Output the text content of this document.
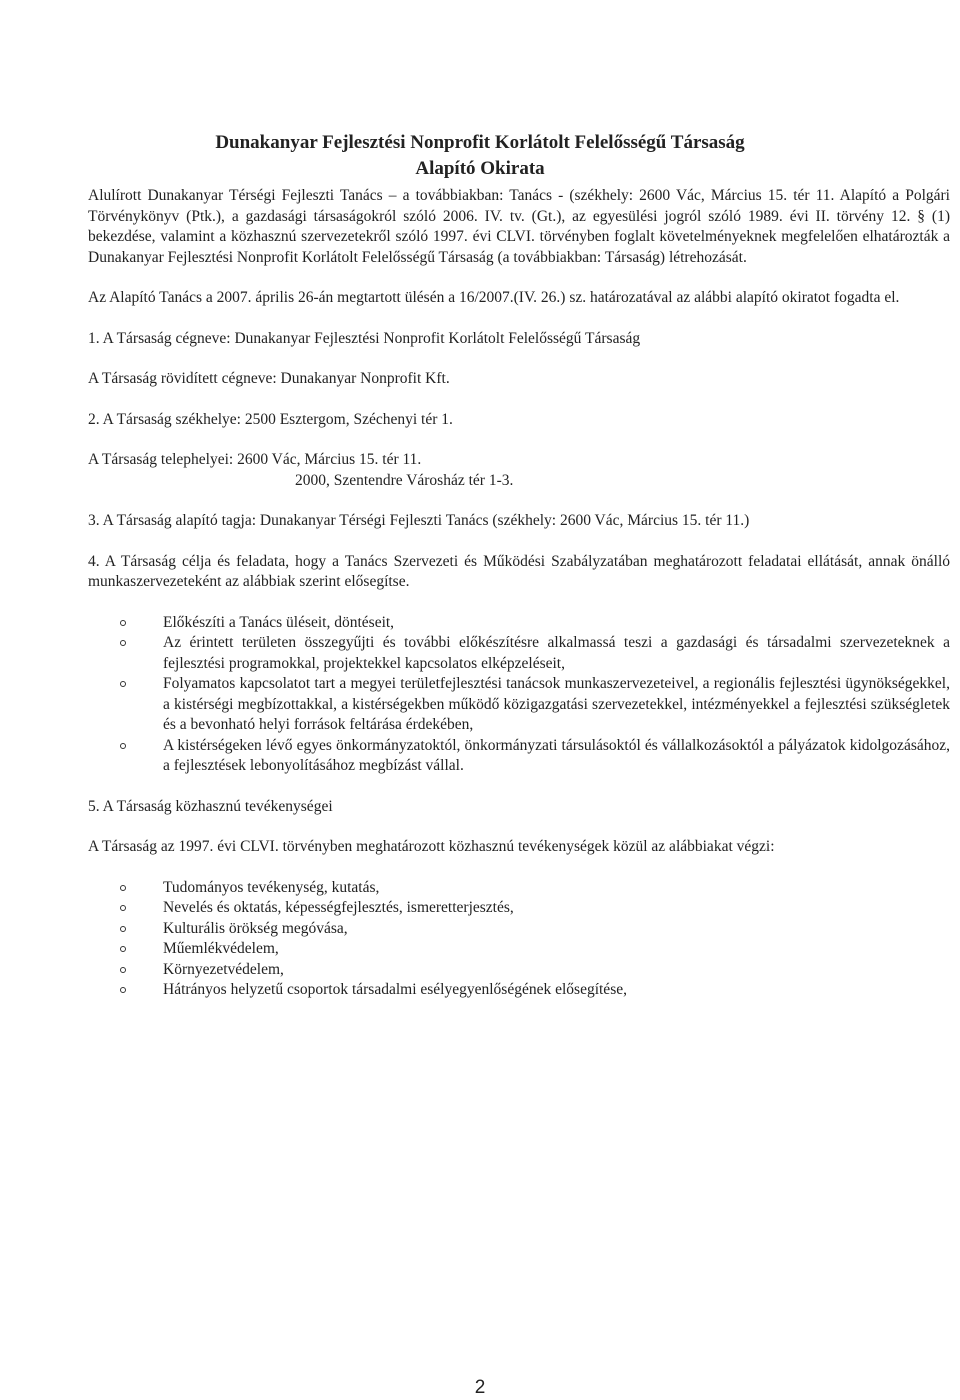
Dunakanyar Fejlesztési Nonprofit Korlátolt Felelősségű Társaság

Alapító Okirata

Alulírott Dunakanyar Térségi Fejleszti Tanács – a továbbiakban: Tanács - (székhely: 2600 Vác, Március 15. tér 11. Alapító a Polgári Törvénykönyv (Ptk.), a gazdasági társaságokról szóló 2006. IV. tv. (Gt.), az egyesülési jogról szóló 1989. évi II. törvény 12. § (1) bekezdése, valamint a közhasznú szervezetekről szóló 1997. évi CLVI. törvényben foglalt követelményeknek megfelelően elhatározták a Dunakanyar Fejlesztési Nonprofit Korlátolt Felelősségű Társaság (a továbbiakban: Társaság) létrehozását.

Az Alapító Tanács a 2007. április 26-án megtartott ülésén a 16/2007.(IV. 26.) sz. határozatával az alábbi alapító okiratot fogadta el.

1. A Társaság cégneve: Dunakanyar Fejlesztési Nonprofit Korlátolt Felelősségű Társaság

A Társaság rövidített cégneve: Dunakanyar Nonprofit Kft.

2. A Társaság székhelye: 2500 Esztergom, Széchenyi tér 1.

A Társaság telephelyei: 2600 Vác, Március 15. tér 11.

2000, Szentendre Városház tér 1-3.

3. A Társaság alapító tagja: Dunakanyar Térségi Fejleszti Tanács (székhely: 2600 Vác, Március 15. tér 11.)

4. A Társaság célja és feladata, hogy a Tanács Szervezeti és Működési Szabályzatában meghatározott feladatai ellátását, annak önálló munkaszervezeteként az alábbiak szerint elősegítse.

Előkészíti a Tanács üléseit, döntéseit,
Az érintett területen összegyűjti és további előkészítésre alkalmassá teszi a gazdasági és társadalmi szervezeteknek a fejlesztési programokkal, projektekkel kapcsolatos elképzeléseit,
Folyamatos kapcsolatot tart a megyei területfejlesztési tanácsok munkaszervezeteivel, a regionális fejlesztési ügynökségekkel, a kistérségi megbízottakkal, a kistérségekben működő közigazgatási szervezetekkel, intézményekkel a fejlesztési szükségletek és a bevonható helyi források feltárása érdekében,
A kistérségeken lévő egyes önkormányzatoktól, önkormányzati társulásoktól és vállalkozásoktól a pályázatok kidolgozásához, a fejlesztések lebonyolításához megbízást vállal.

5. A Társaság közhasznú tevékenységei

A Társaság az 1997. évi CLVI. törvényben meghatározott közhasznú tevékenységek közül az alábbiakat végzi:

Tudományos tevékenység, kutatás,
Nevelés és oktatás, képességfejlesztés, ismeretterjesztés,
Kulturális örökség megóvása,
Műemlékvédelem,
Környezetvédelem,
Hátrányos helyzetű csoportok társadalmi esélyegyenlőségének elősegítése,
2
